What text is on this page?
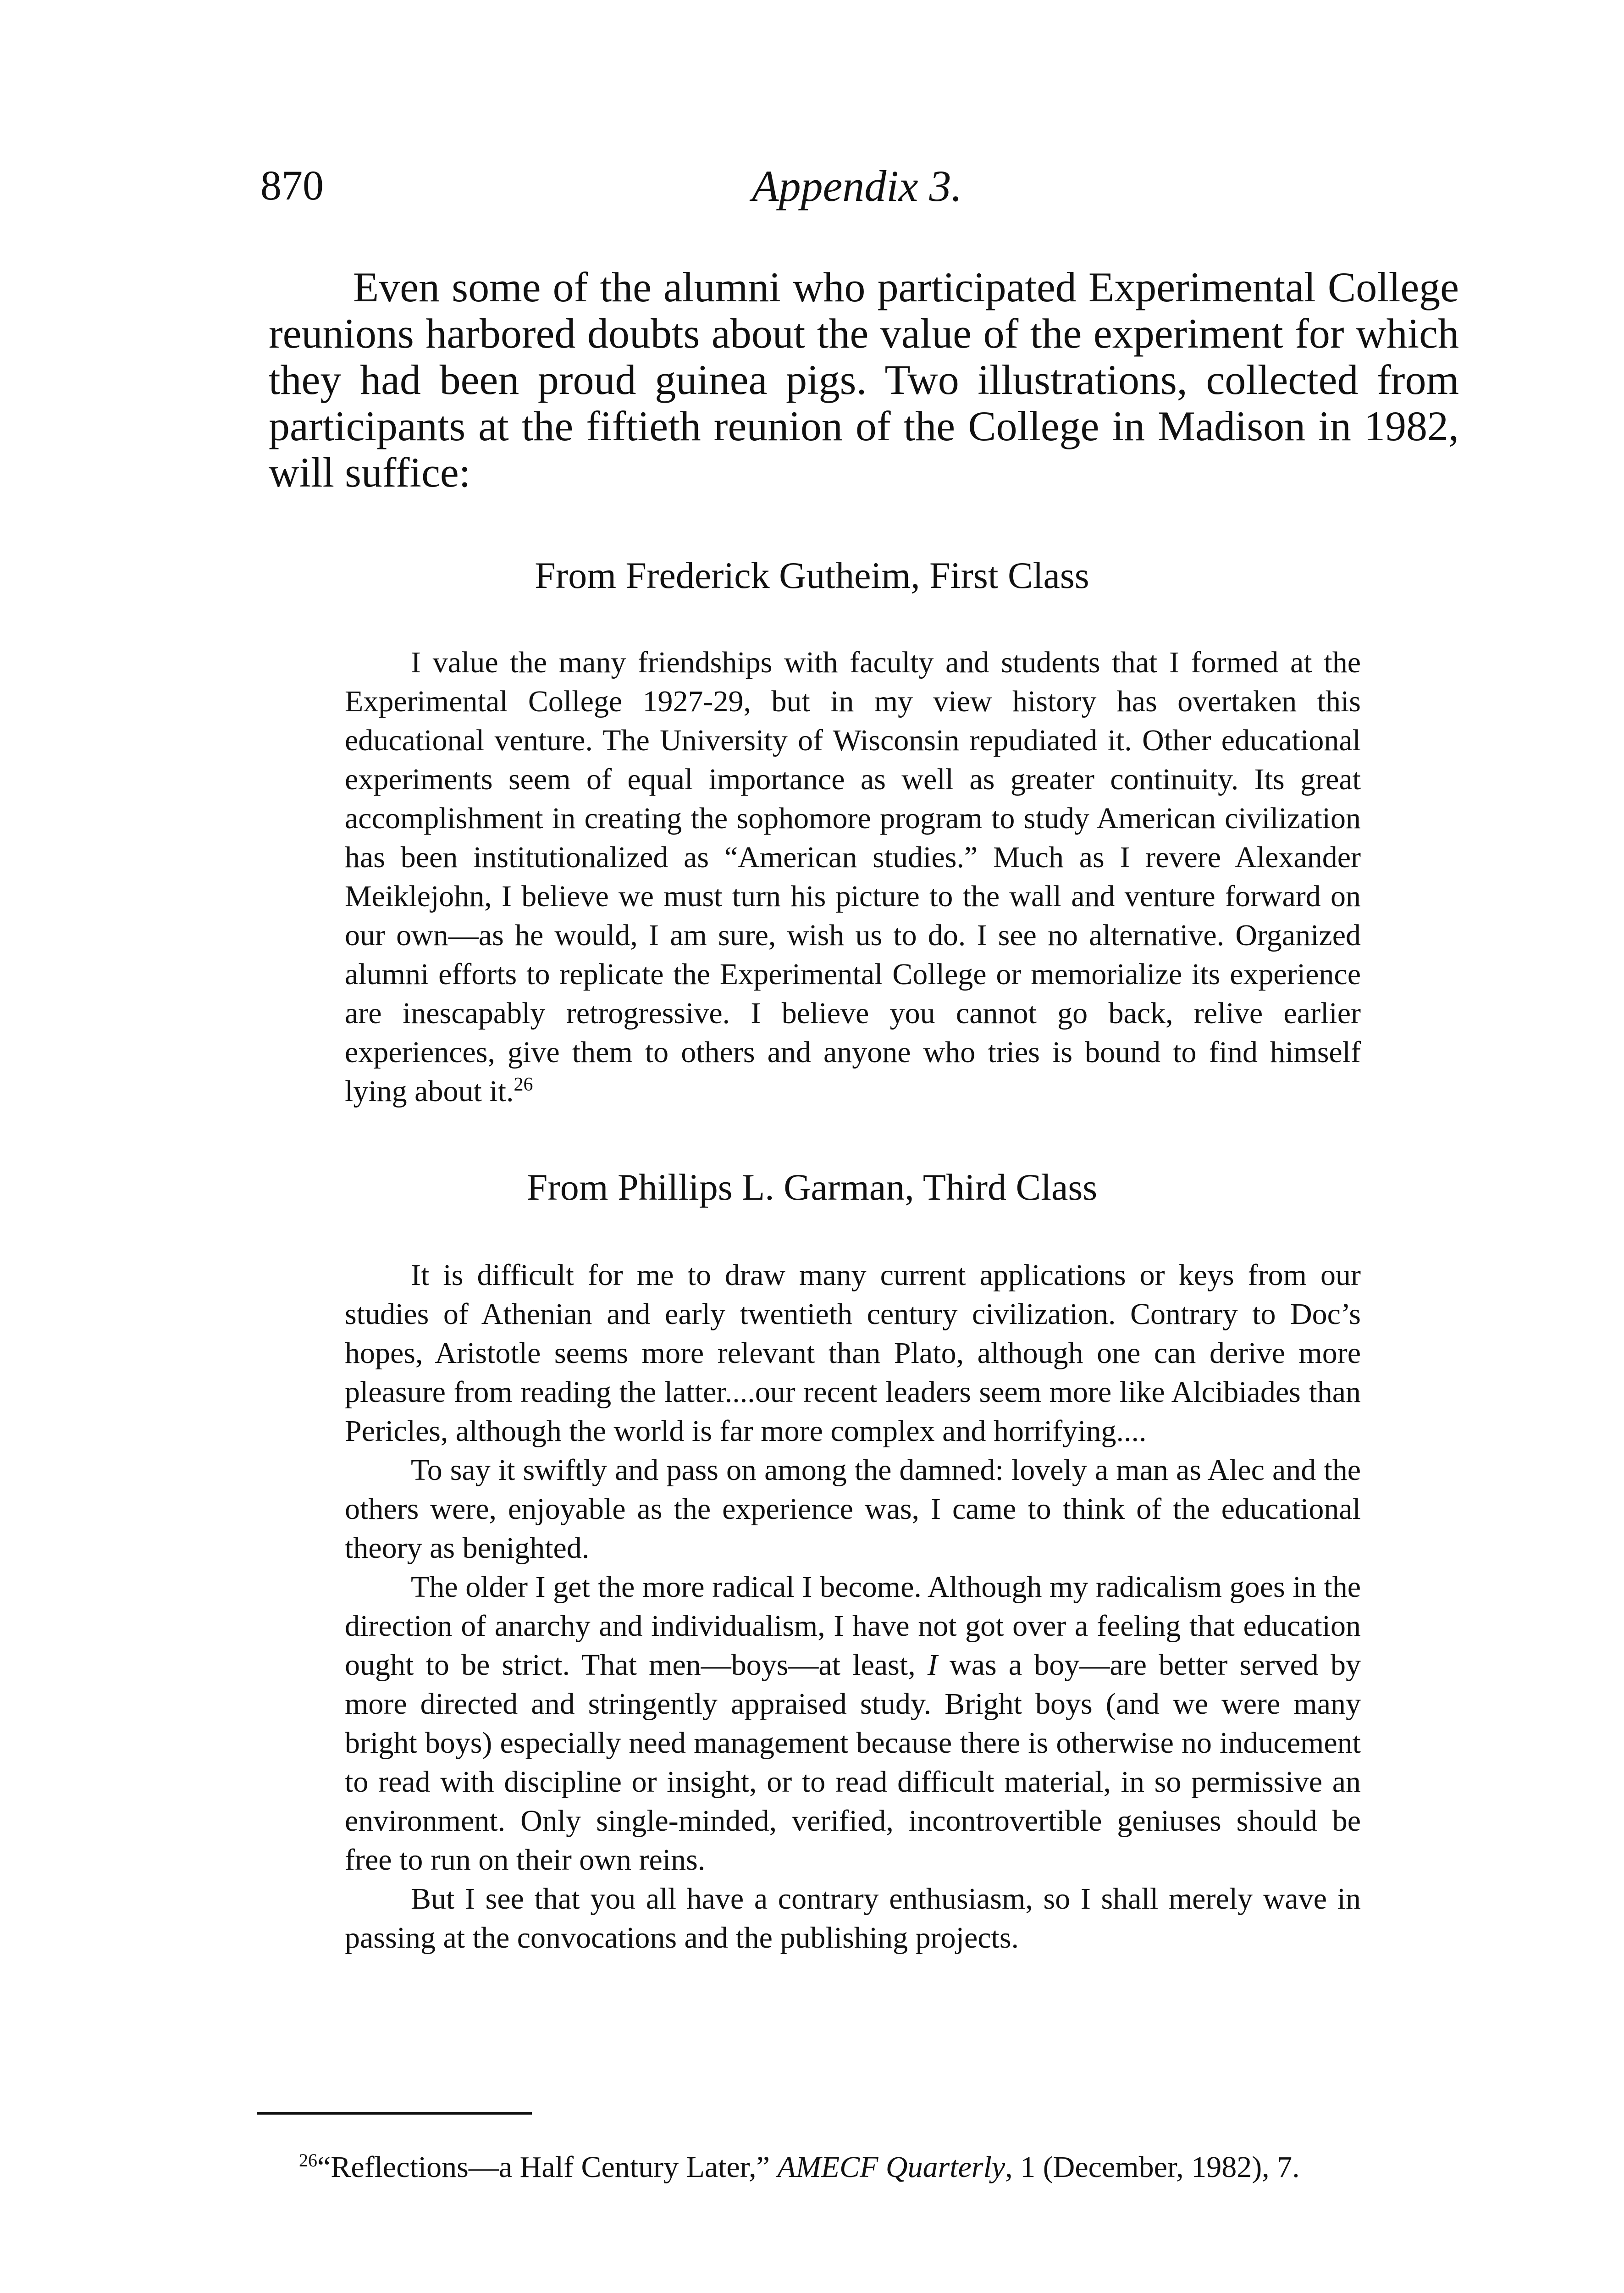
870	Appendix 3.

Even some of the alumni who participated Experimental College reunions harbored doubts about the value of the experiment for which they had been proud guinea pigs. Two illustrations, collected from participants at the fiftieth reunion of the College in Madison in 1982, will suffice:

From Frederick Gutheim, First Class

I value the many friendships with faculty and students that I formed at the Experimental College 1927-29, but in my view history has overtaken this educational venture. The University of Wisconsin repudiated it. Other educational experiments seem of equal importance as well as greater continuity. Its great accomplishment in creating the sophomore program to study American civilization has been institutionalized as “American studies.” Much as I revere Alexander Meiklejohn, I believe we must turn his picture to the wall and venture forward on our own—as he would, I am sure, wish us to do. I see no alternative. Organized alumni efforts to replicate the Experimental College or memorialize its experience are inescapably retrogressive. I believe you cannot go back, relive earlier experiences, give them to others and anyone who tries is bound to find himself lying about it.$^{26}$

From Phillips L. Garman, Third Class

It is difficult for me to draw many current applications or keys from our studies of Athenian and early twentieth century civilization. Contrary to Doc’s hopes, Aristotle seems more relevant than Plato, although one can derive more pleasure from reading the latter....our recent leaders seem more like Alcibiades than Pericles, although the world is far more complex and horrifying....

To say it swiftly and pass on among the damned: lovely a man as Alec and the others were, enjoyable as the experience was, I came to think of the educational theory as benighted.

The older I get the more radical I become. Although my radicalism goes in the direction of anarchy and individualism, I have not got over a feeling that education ought to be strict. That men—boys—at least, I was a boy—are better served by more directed and stringently appraised study. Bright boys (and we were many bright boys) especially need management because there is otherwise no inducement to read with discipline or insight, or to read difficult material, in so permissive an environment. Only single-minded, verified, incontrovertible geniuses should be free to run on their own reins.

But I see that you all have a contrary enthusiasm, so I shall merely wave in passing at the convocations and the publishing projects.

$^{26}$“Reflections—a Half Century Later,” AMECF Quarterly, 1 (December, 1982), 7.
